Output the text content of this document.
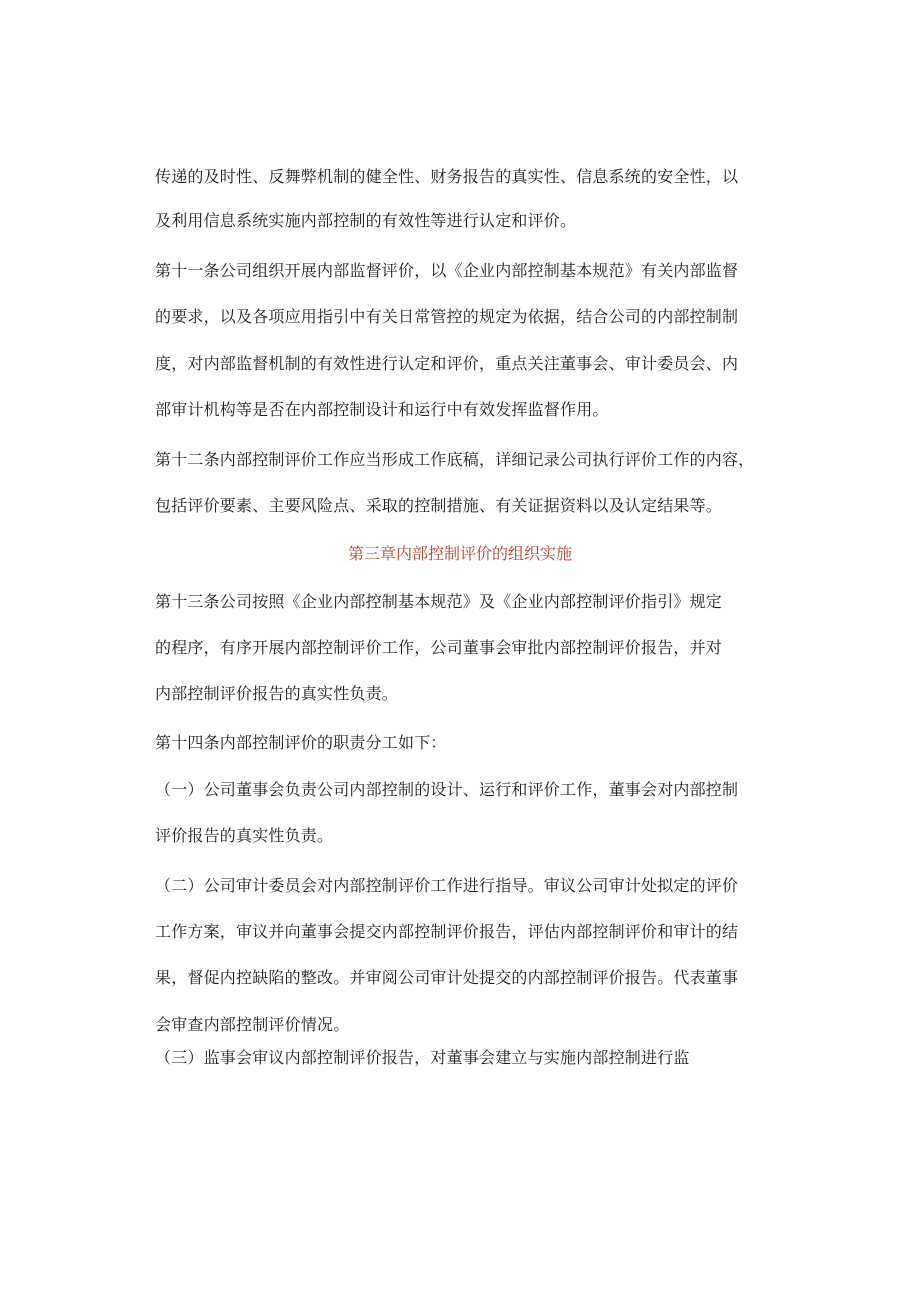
传递的及时性、反舞弊机制的健全性、财务报告的真实性、信息系统的安全性，以
及利用信息系统实施内部控制的有效性等进行认定和评价。
第十一条公司组织开展内部监督评价，以《企业内部控制基本规范》有关内部监督
的要求，以及各项应用指引中有关日常管控的规定为依据，结合公司的内部控制制
度，对内部监督机制的有效性进行认定和评价，重点关注董事会、审计委员会、内
部审计机构等是否在内部控制设计和运行中有效发挥监督作用。
第十二条内部控制评价工作应当形成工作底稿，详细记录公司执行评价工作的内容，
包括评价要素、主要风险点、采取的控制措施、有关证据资料以及认定结果等。
第三章内部控制评价的组织实施
第十三条公司按照《企业内部控制基本规范》及《企业内部控制评价指引》规定
的程序，有序开展内部控制评价工作，公司董事会审批内部控制评价报告，并对
内部控制评价报告的真实性负责。
第十四条内部控制评价的职责分工如下：
（一）公司董事会负责公司内部控制的设计、运行和评价工作，董事会对内部控制
评价报告的真实性负责。
（二）公司审计委员会对内部控制评价工作进行指导。审议公司审计处拟定的评价
工作方案，审议并向董事会提交内部控制评价报告，评估内部控制评价和审计的结
果，督促内控缺陷的整改。并审阅公司审计处提交的内部控制评价报告。代表董事
会审查内部控制评价情况。
（三）监事会审议内部控制评价报告，对董事会建立与实施内部控制进行监
